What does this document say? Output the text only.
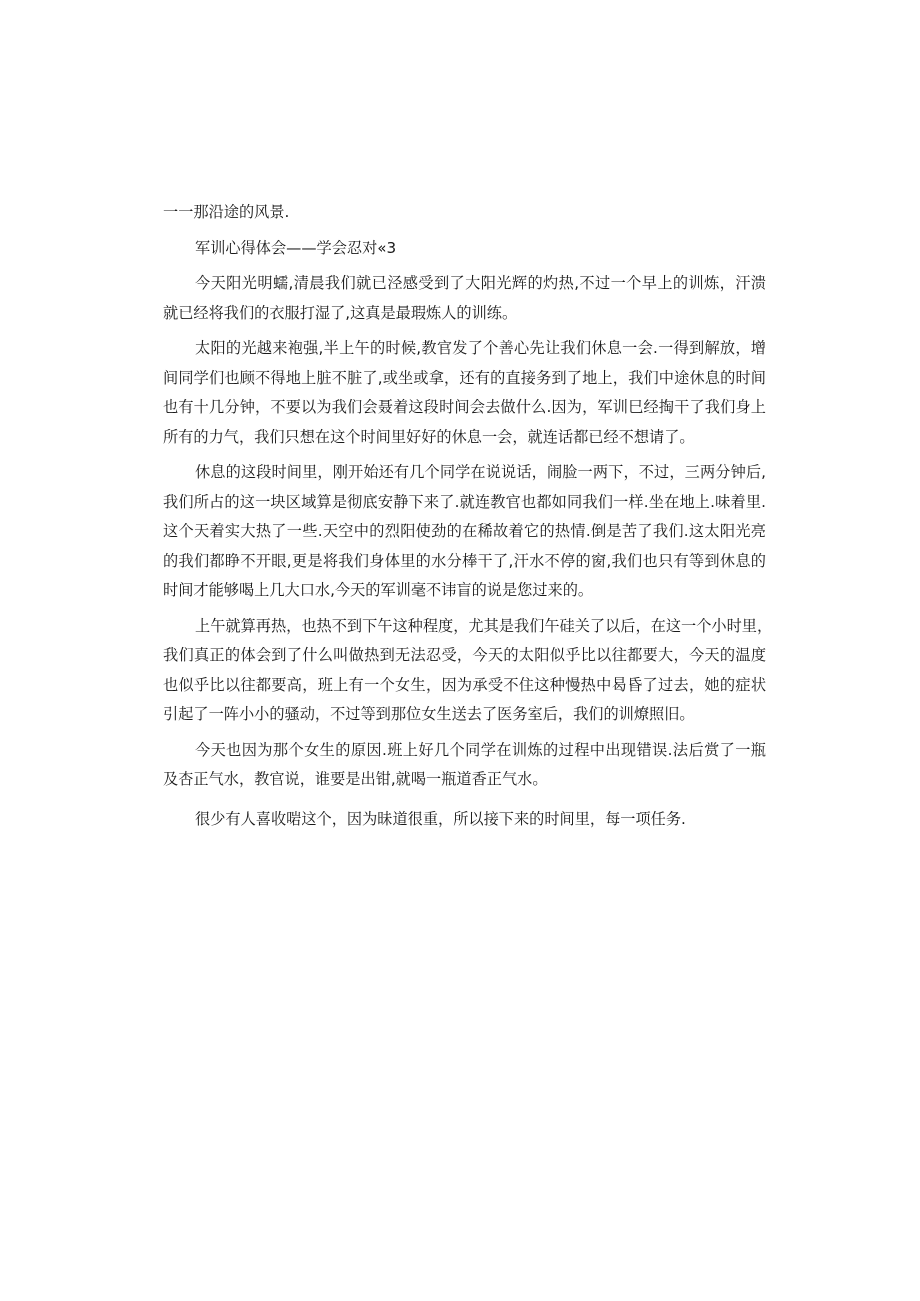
一一那沿途的风景.

军训心得体会——学会忍对«3

今天阳光明蠕,清晨我们就已泾感受到了大阳光辉的灼热,不过一个早上的训炼，汗溃

就已经将我们的衣服打湿了,这真是最瑕炼人的训练。

太阳的光越来袍强,半上午的时候,教官发了个善心先让我们休息一会.一得到解放，增

间同学们也顾不得地上脏不脏了,或坐或拿，还有的直接务到了地上，我们中途休息的时间

也有十几分钟，不要以为我们会聂着这段时间会去做什么.因为，军训巳经掏干了我们身上

所有的力气，我们只想在这个时间里好好的休息一会，就连话都已经不想请了。

休息的这段时间里，刚开始还有几个同学在说说话，闹脸一两下，不过，三两分钟后,

我们所占的这一块区域算是彻底安静下来了.就连教官也都如同我们一样.坐在地上.味着里.

这个天着实大热了一些.天空中的烈阳使劲的在稀故着它的热情.倒是苦了我们.这太阳光亮

的我们都睁不开眼,更是将我们身体里的水分棒干了,汗水不停的窗,我们也只有等到休息的

时间才能够喝上几大口水,今天的军训毫不讳盲的说是您过来的。

上午就算再热，也热不到下午这种程度，尤其是我们午硅关了以后，在这一个小时里，

我们真正的体会到了什么叫做热到无法忍受，今天的太阳似乎比以往都要大，今天的温度

也似乎比以往都要高，班上有一个女生，因为承受不住这种慢热中曷昏了过去，她的症状

引起了一阵小小的骚动，不过等到那位女生送去了医务室后，我们的训燎照旧。

今天也因为那个女生的原因.班上好几个同学在训炼的过程中出现错误.法后赏了一瓶

及杏正气水，教官说，谁要是出钳,就喝一瓶道香正气水。

很少有人喜收啱这个，因为昧道很重，所以接下来的时间里，每一项任务.
